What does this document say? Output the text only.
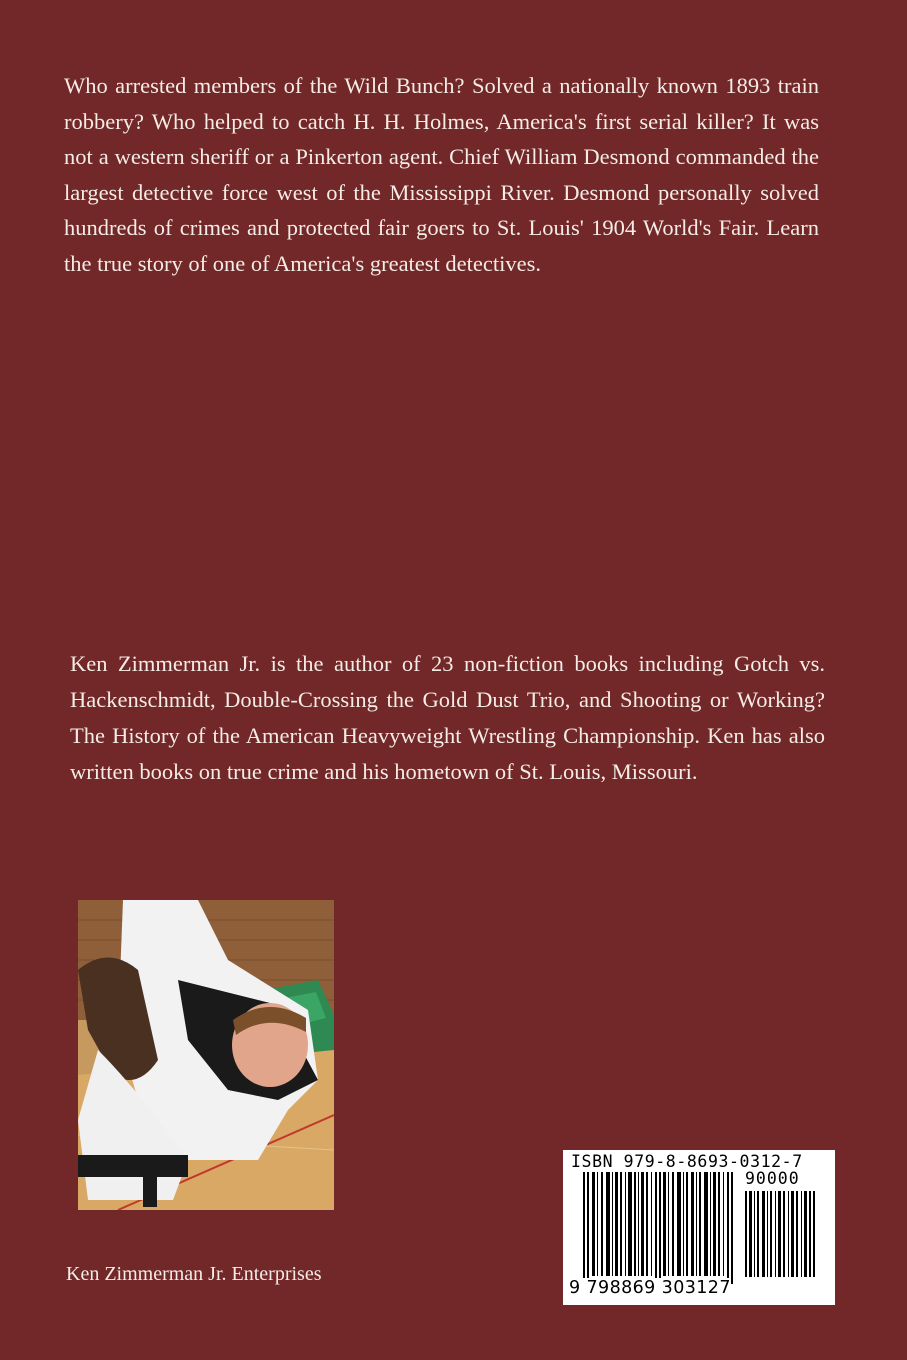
Who arrested members of the Wild Bunch? Solved a nationally known 1893 train robbery? Who helped to catch H. H. Holmes, America's first serial killer? It was not a western sheriff or a Pinkerton agent. Chief William Desmond commanded the largest detective force west of the Mississippi River. Desmond personally solved hundreds of crimes and protected fair goers to St. Louis' 1904 World's Fair. Learn the true story of one of America's greatest detectives.

Ken Zimmerman Jr. is the author of 23 non-fiction books including Gotch vs. Hackenschmidt, Double-Crossing the Gold Dust Trio, and Shooting or Working? The History of the American Heavyweight Wrestling Championship. Ken has also written books on true crime and his hometown of St. Louis, Missouri.

Ken Zimmerman Jr. Enterprises

ISBN 979-8-8693-0312-7
90000
9 798869 303127
